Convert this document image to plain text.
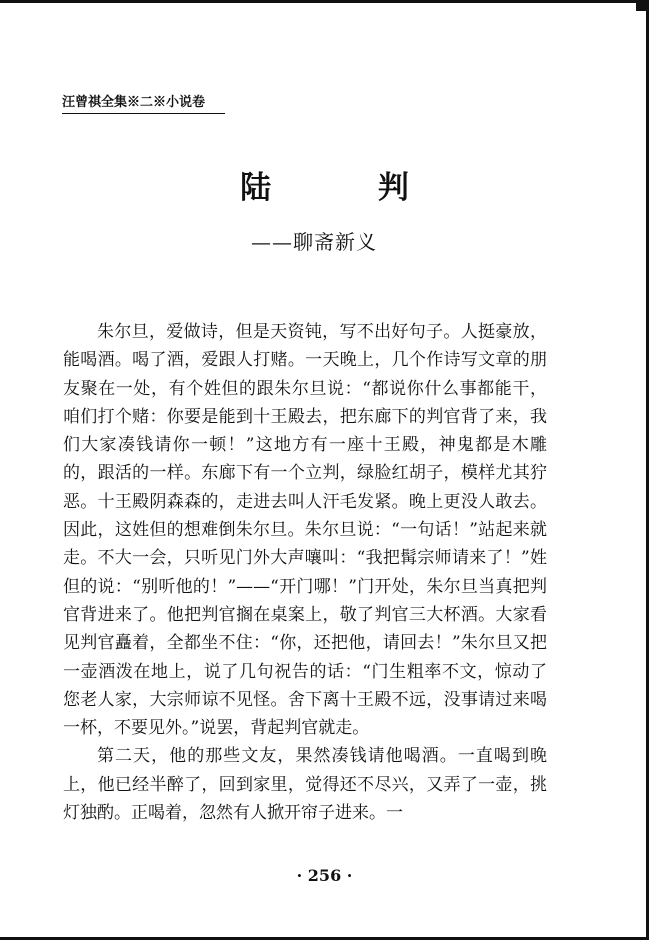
汪曾祺全集※二※小说卷
陆 判
——聊斋新义

朱尔旦，爱做诗，但是天资钝，写不出好句子。人挺豪放，能喝酒。喝了酒，爱跟人打赌。一天晚上，几个作诗写文章的朋友聚在一处，有个姓但的跟朱尔旦说：“都说你什么事都能干，咱们打个赌：你要是能到十王殿去，把东廊下的判官背了来，我们大家凑钱请你一顿！”这地方有一座十王殿，神鬼都是木雕的，跟活的一样。东廊下有一个立判，绿脸红胡子，模样尤其狞恶。十王殿阴森森的，走进去叫人汗毛发紧。晚上更没人敢去。因此，这姓但的想难倒朱尔旦。朱尔旦说：“一句话！”站起来就走。不大一会，只听见门外大声嚷叫：“我把髯宗师请来了！”姓但的说：“别听他的！”——“开门哪！”门开处，朱尔旦当真把判官背进来了。他把判官搁在桌案上，敬了判官三大杯酒。大家看见判官矗着，全都坐不住：“你，还把他，请回去！”朱尔旦又把一壶酒泼在地上，说了几句祝告的话：“门生粗率不文，惊动了您老人家，大宗师谅不见怪。舍下离十王殿不远，没事请过来喝一杯，不要见外。”说罢，背起判官就走。

第二天，他的那些文友，果然凑钱请他喝酒。一直喝到晚上，他已经半醉了，回到家里，觉得还不尽兴，又弄了一壶，挑灯独酌。正喝着，忽然有人掀开帘子进来。一

· 256 ·
